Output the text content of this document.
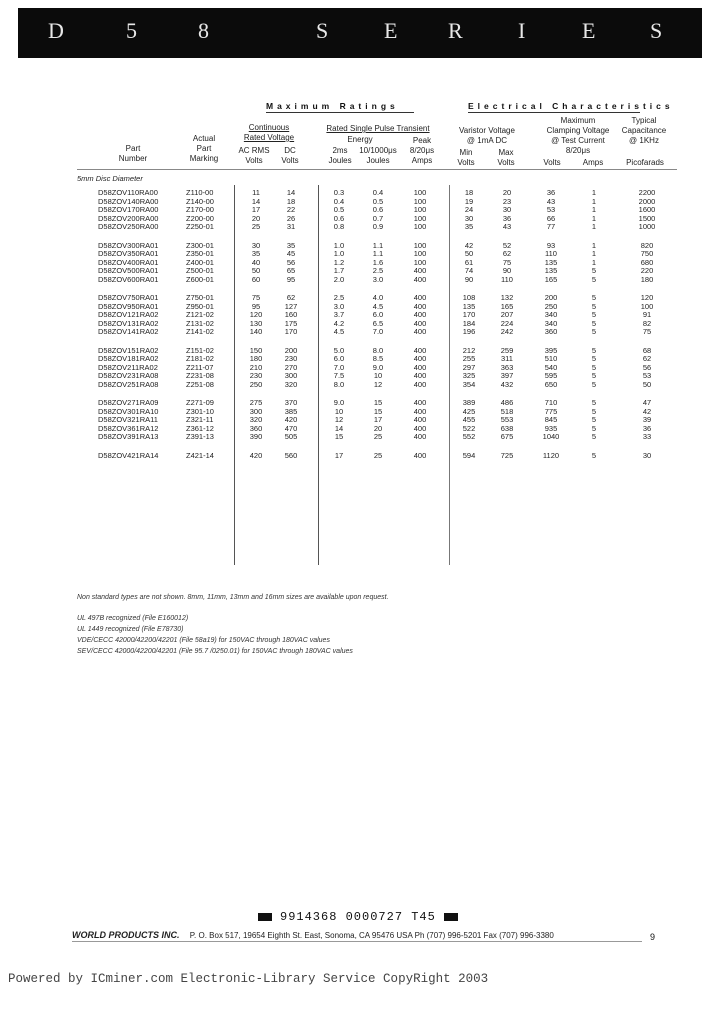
D	5	8	S E R I	E S
Maximum Ratings	Electrical Characteristics
Part
Number
Actual
Part
Marking
Continuous
Rated Voltage
AC RMS
Volts
DC
Volts
Rated Single Pulse Transient
Energy
2ms
Joules
10/1000μs
Joules
Peak
8/20μs
Amps
Varistor Voltage
@ 1mA DC
Min
Volts
Max
Volts
Maximum
Clamping Voltage
@ Test Current
8/20μs
Volts	Amps
Typical
Capacitance
@ 1KHz
Picofarads
5mm Disc Diameter
D58ZOV110RA00	Z110-00	11	14	0.3	0.4	100	18	20	36	1	2200
D58ZOV140RA00	Z140-00	14	18	0.4	0.5	100	19	23	43	1	2000
D58ZOV170RA00	Z170-00	17	22	0.5	0.6	100	24	30	53	1	1600
D58ZOV200RA00	Z200-00	20	26	0.6	0.7	100	30	36	66	1	1500
D58ZOV250RA00	Z250-01	25	31	0.8	0.9	100	35	43	77	1	1000
D58ZOV300RA01	Z300-01	30	35	1.0	1.1	100	42	52	93	1	820
D58ZOV350RA01	Z350-01	35	45	1.0	1.1	100	50	62	110	1	750
D58ZOV400RA01	Z400-01	40	56	1.2	1.6	100	61	75	135	1	680
D58ZOV500RA01	Z500-01	50	65	1.7	2.5	400	74	90	135	5	220
D58ZOV600RA01	Z600-01	60	95	2.0	3.0	400	90	110	165	5	180
D58ZOV750RA01	Z750-01	75	62	2.5	4.0	400	108	132	200	5	120
D58ZOV950RA01	Z950-01	95	127	3.0	4.5	400	135	165	250	5	100
D58ZOV121RA02	Z121-02	120	160	3.7	6.0	400	170	207	340	5	91
D58ZOV131RA02	Z131-02	130	175	4.2	6.5	400	184	224	340	5	82
D58ZOV141RA02	Z141-02	140	170	4.5	7.0	400	196	242	360	5	75
D58ZOV151RA02	Z151-02	150	200	5.0	8.0	400	212	259	395	5	68
D58ZOV181RA02	Z181-02	180	230	6.0	8.5	400	255	311	510	5	62
D58ZOV211RA02	Z211-07	210	270	7.0	9.0	400	297	363	540	5	56
D58ZOV231RA08	Z231-08	230	300	7.5	10	400	325	397	595	5	53
D58ZOV251RA08	Z251-08	250	320	8.0	12	400	354	432	650	5	50
D58ZOV271RA09	Z271-09	275	370	9.0	15	400	389	486	710	5	47
D58ZOV301RA10	Z301-10	300	385	10	15	400	425	518	775	5	42
D58ZOV321RA11	Z321-11	320	420	12	17	400	455	553	845	5	39
D58ZOV361RA12	Z361-12	360	470	14	20	400	522	638	935	5	36
D58ZOV391RA13	Z391-13	390	505	15	25	400	552	675	1040	5	33
D58ZOV421RA14	Z421-14	420	560	17	25	400	594	725	1120	5	30
Non standard types are not shown. 8mm, 11mm, 13mm and 16mm sizes are available upon request.
UL 497B recognized (File E160012)
UL 1449 recognized (File E78730)
VDE/CECC 42000/42200/42201 (File 58a19) for 150VAC through 180VAC values
SEV/CECC 42000/42200/42201 (File 95.7 /0250.01) for 150VAC through 180VAC values
9914368 0000727 T45
WORLD PRODUCTS INC. P. O. Box 517, 19654 Eighth St. East, Sonoma, CA 95476 USA Ph (707) 996-5201 Fax (707) 996-3380	9
Powered by ICminer.com Electronic-Library Service CopyRight 2003
